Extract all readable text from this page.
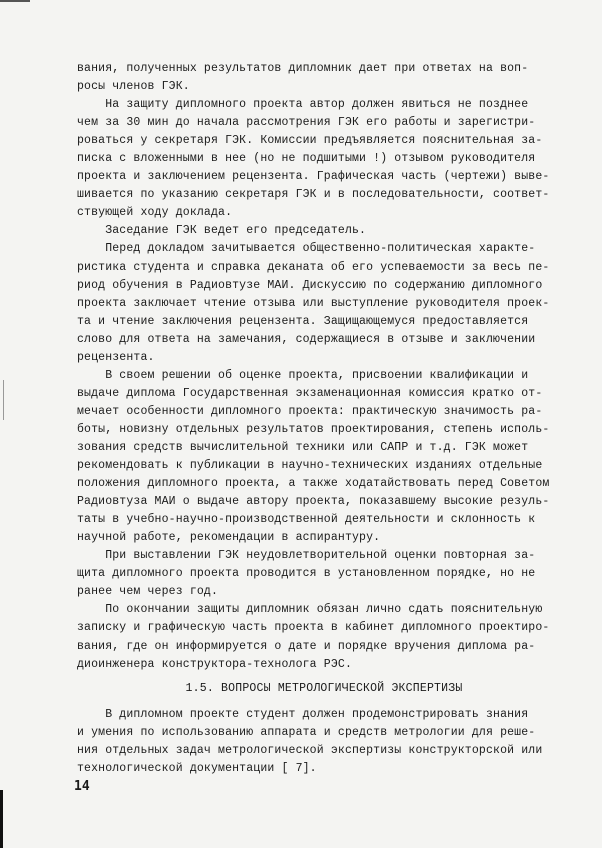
вания, полученных результатов дипломник дает при ответах на воп-
росы членов ГЭК.
На защиту дипломного проекта автор должен явиться не позднее
чем за 30 мин до начала рассмотрения ГЭК его работы и зарегистри-
роваться у секретаря ГЭК. Комиссии предъявляется пояснительная за-
писка с вложенными в нее (но не подшитыми !) отзывом руководителя
проекта и заключением рецензента. Графическая часть (чертежи) выве-
шивается по указанию секретаря ГЭК и в последовательности, соответ-
ствующей ходу доклада.
Заседание ГЭК ведет его председатель.
Перед докладом зачитывается общественно-политическая характе-
ристика студента и справка деканата об его успеваемости за весь пе-
риод обучения в Радиовтузе МАИ. Дискуссию по содержанию дипломного
проекта заключает чтение отзыва или выступление руководителя проек-
та и чтение заключения рецензента. Защищающемуся предоставляется
слово для ответа на замечания, содержащиеся в отзыве и заключении
рецензента.
В своем решении об оценке проекта, присвоении квалификации и
выдаче диплома Государственная экзаменационная комиссия кратко от-
мечает особенности дипломного проекта: практическую значимость ра-
боты, новизну отдельных результатов проектирования, степень исполь-
зования средств вычислительной техники или САПР и т.д. ГЭК может
рекомендовать к публикации в научно-технических изданиях отдельные
положения дипломного проекта, а также ходатайствовать перед Советом
Радиовтуза МАИ о выдаче автору проекта, показавшему высокие резуль-
таты в учебно-научно-производственной деятельности и склонность к
научной работе, рекомендации в аспирантуру.
При выставлении ГЭК неудовлетворительной оценки повторная за-
щита дипломного проекта проводится в установленном порядке, но не
ранее чем через год.
По окончании защиты дипломник обязан лично сдать пояснительную
записку и графическую часть проекта в кабинет дипломного проектиро-
вания, где он информируется о дате и порядке вручения диплома ра-
диоинженера конструктора-технолога РЭС.
1.5. ВОПРОСЫ МЕТРОЛОГИЧЕСКОЙ ЭКСПЕРТИЗЫ
В дипломном проекте студент должен продемонстрировать знания
и умения по использованию аппарата и средств метрологии для реше-
ния отдельных задач метрологической экспертизы конструкторской или
технологической документации [ 7].
14
